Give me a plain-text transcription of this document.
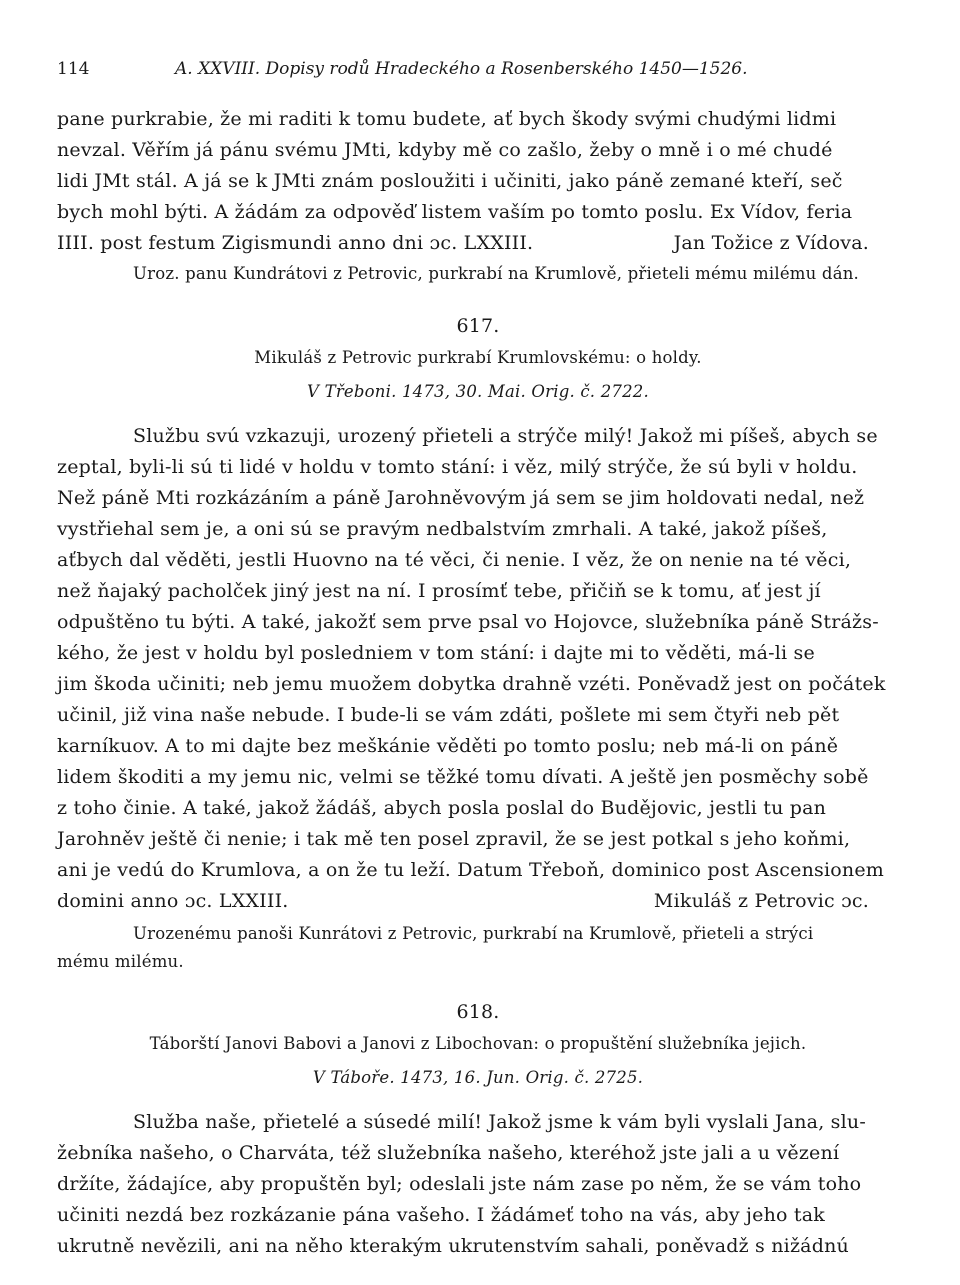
114	A. XXVIII. Dopisy rodů Hradeckého a Rosenberského 1450—1526.
pane purkrabie, že mi raditi k tomu budete, ať bych škody svými chudými lidmi
nevzal. Věřím já pánu svému JMti, kdyby mě co zašlo, žeby o mně i o mé chudé
lidi JMt stál. A já se k JMti znám posloužiti i učiniti, jako páně zemané kteří, seč
bych mohl býti. A žádám za odpověď listem vaším po tomto poslu. Ex Vídov, feria
IIII. post festum Zigismundi anno dni ɔc. LXXIII.	Jan Tožice z Vídova.
Uroz. panu Kundrátovi z Petrovic, purkrabí na Krumlově, přieteli mému milému dán.
617.
Mikuláš z Petrovic purkrabí Krumlovskému: o holdy.
V Třeboni. 1473, 30. Mai. Orig. č. 2722.
Službu svú vzkazuji, urozený přieteli a strýče milý! Jakož mi píšeš, abych se
zeptal, byli-li sú ti lidé v holdu v tomto stání: i věz, milý strýče, že sú byli v holdu.
Než páně Mti rozkázáním a páně Jarohněvovým já sem se jim holdovati nedal, než
vystřiehal sem je, a oni sú se pravým nedbalstvím zmrhali. A také, jakož píšeš,
aťbych dal věděti, jestli Huovno na té věci, či nenie. I věz, že on nenie na té věci,
než ňajaký pacholček jiný jest na ní. I prosímť tebe, přičiň se k tomu, ať jest jí
odpuštěno tu býti. A také, jakožť sem prve psal vo Hojovce, služebníka páně Strážs-
kého, že jest v holdu byl posledniem v tom stání: i dajte mi to věděti, má-li se
jim škoda učiniti; neb jemu muožem dobytka drahně vzéti. Poněvadž jest on počátek
učinil, již vina naše nebude. I bude-li se vám zdáti, pošlete mi sem čtyři neb pět
karníkuov. A to mi dajte bez meškánie věděti po tomto poslu; neb má-li on páně
lidem škoditi a my jemu nic, velmi se těžké tomu dívati. A ještě jen posměchy sobě
z toho činie. A také, jakož žádáš, abych posla poslal do Budějovic, jestli tu pan
Jarohněv ještě či nenie; i tak mě ten posel zpravil, že se jest potkal s jeho koňmi,
ani je vedú do Krumlova, a on že tu leží. Datum Třeboň, dominico post Ascensionem
domini anno ɔc. LXXIII.	Mikuláš z Petrovic ɔc.
Urozenému panoši Kunrátovi z Petrovic, purkrabí na Krumlově, přieteli a strýci
mému milému.
618.
Táborští Janovi Babovi a Janovi z Libochovan: o propuštění služebníka jejich.
V Táboře. 1473, 16. Jun. Orig. č. 2725.
Služba naše, přietelé a súsedé milí! Jakož jsme k vám byli vyslali Jana, slu-
žebníka našeho, o Charváta, též služebníka našeho, kteréhož jste jali a u vězení
držíte, žádajíce, aby propuštěn byl; odeslali jste nám zase po něm, že se vám toho
učiniti nezdá bez rozkázanie pána vašeho. I žádámeť toho na vás, aby jeho tak
ukrutně nevězili, ani na něho kterakým ukrutenstvím sahali, poněvadž s nižádnú
